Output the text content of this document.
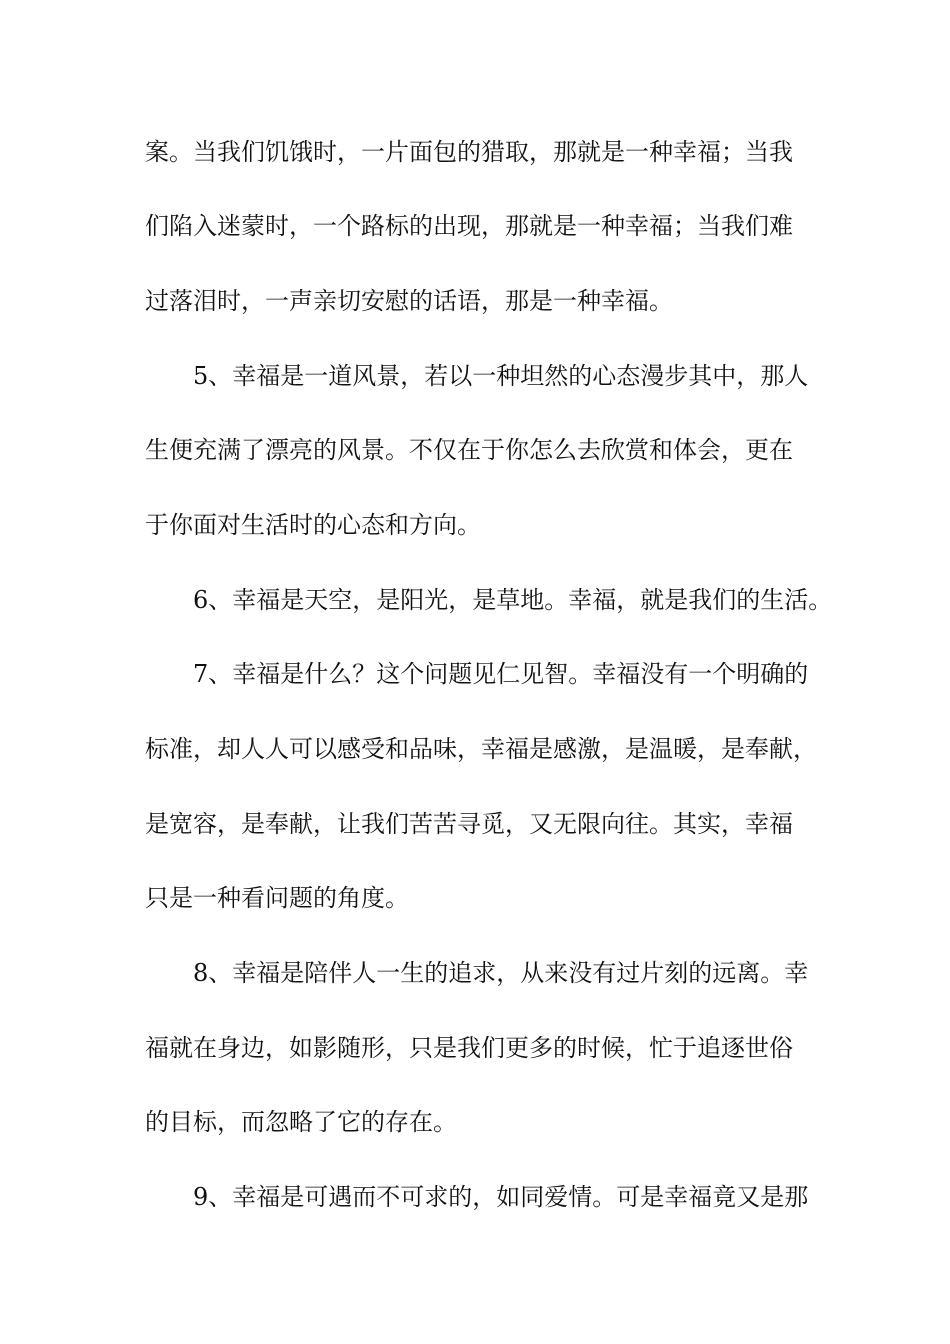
案。当我们饥饿时，一片面包的猎取，那就是一种幸福；当我
们陷入迷蒙时，一个路标的出现，那就是一种幸福；当我们难
过落泪时，一声亲切安慰的话语，那是一种幸福。
5、幸福是一道风景，若以一种坦然的心态漫步其中，那人
生便充满了漂亮的风景。不仅在于你怎么去欣赏和体会，更在
于你面对生活时的心态和方向。
6、幸福是天空，是阳光，是草地。幸福，就是我们的生活。
7、幸福是什么？这个问题见仁见智。幸福没有一个明确的
标准，却人人可以感受和品味，幸福是感激，是温暖，是奉献，
是宽容，是奉献，让我们苦苦寻觅，又无限向往。其实，幸福
只是一种看问题的角度。
8、幸福是陪伴人一生的追求，从来没有过片刻的远离。幸
福就在身边，如影随形，只是我们更多的时候，忙于追逐世俗
的目标，而忽略了它的存在。
9、幸福是可遇而不可求的，如同爱情。可是幸福竟又是那
